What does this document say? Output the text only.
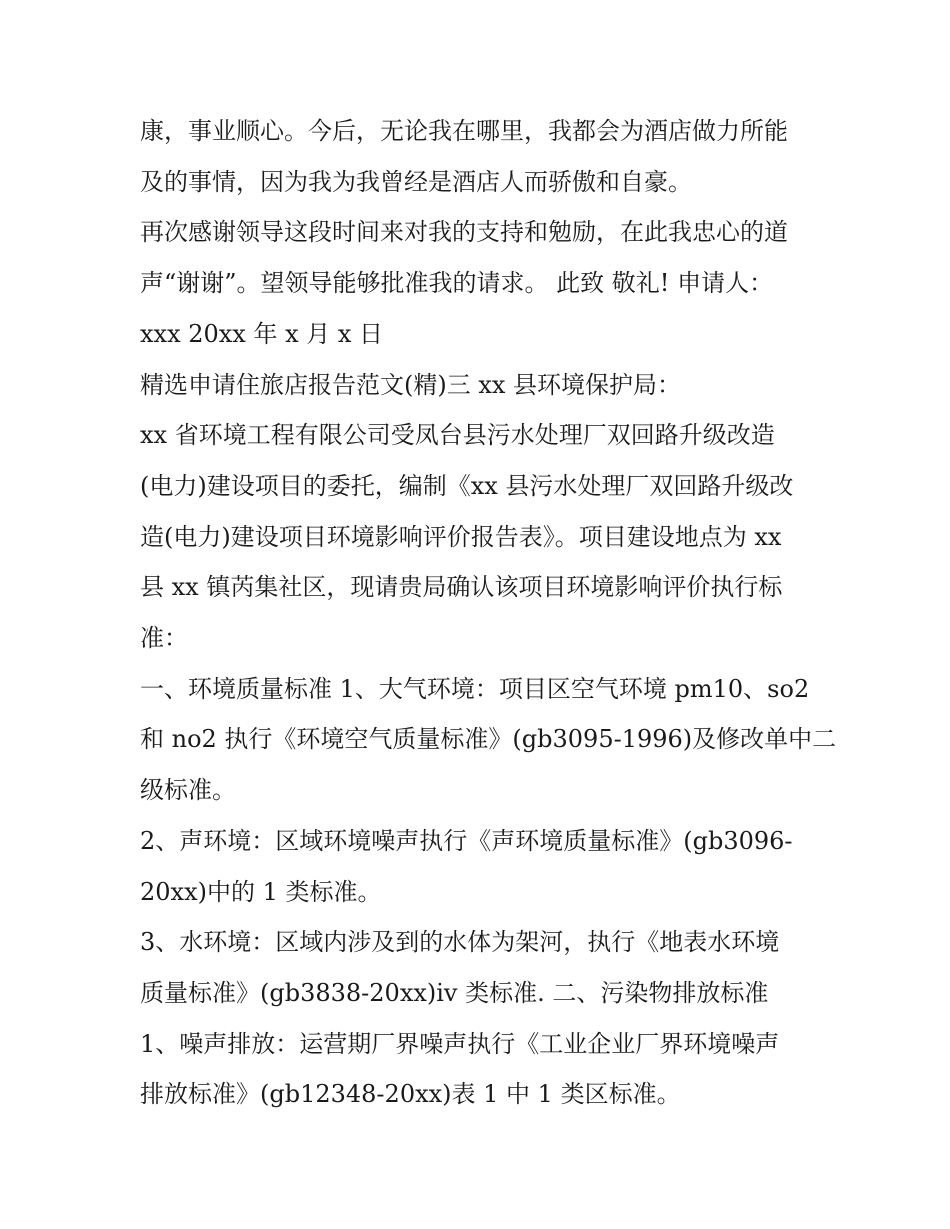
康，事业顺心。今后，无论我在哪里，我都会为酒店做力所能

及的事情，因为我为我曾经是酒店人而骄傲和自豪。

再次感谢领导这段时间来对我的支持和勉励，在此我忠心的道

声“谢谢”。望领导能够批准我的请求。 此致 敬礼! 申请人：

xxx 20xx 年 x 月 x 日

精选申请住旅店报告范文(精)三 xx 县环境保护局：

xx 省环境工程有限公司受凤台县污水处理厂双回路升级改造

(电力)建设项目的委托，编制《xx 县污水处理厂双回路升级改

造(电力)建设项目环境影响评价报告表》。项目建设地点为 xx

县 xx 镇芮集社区，现请贵局确认该项目环境影响评价执行标

准：

一、环境质量标准 1、大气环境：项目区空气环境 pm10、so2

和 no2 执行《环境空气质量标准》(gb3095-1996)及修改单中二

级标准。

2、声环境：区域环境噪声执行《声环境质量标准》(gb3096-

20xx)中的 1 类标准。

3、水环境：区域内涉及到的水体为架河，执行《地表水环境

质量标准》(gb3838-20xx)iv 类标准. 二、污染物排放标准

1、噪声排放：运营期厂界噪声执行《工业企业厂界环境噪声

排放标准》(gb12348-20xx)表 1 中 1 类区标准。
